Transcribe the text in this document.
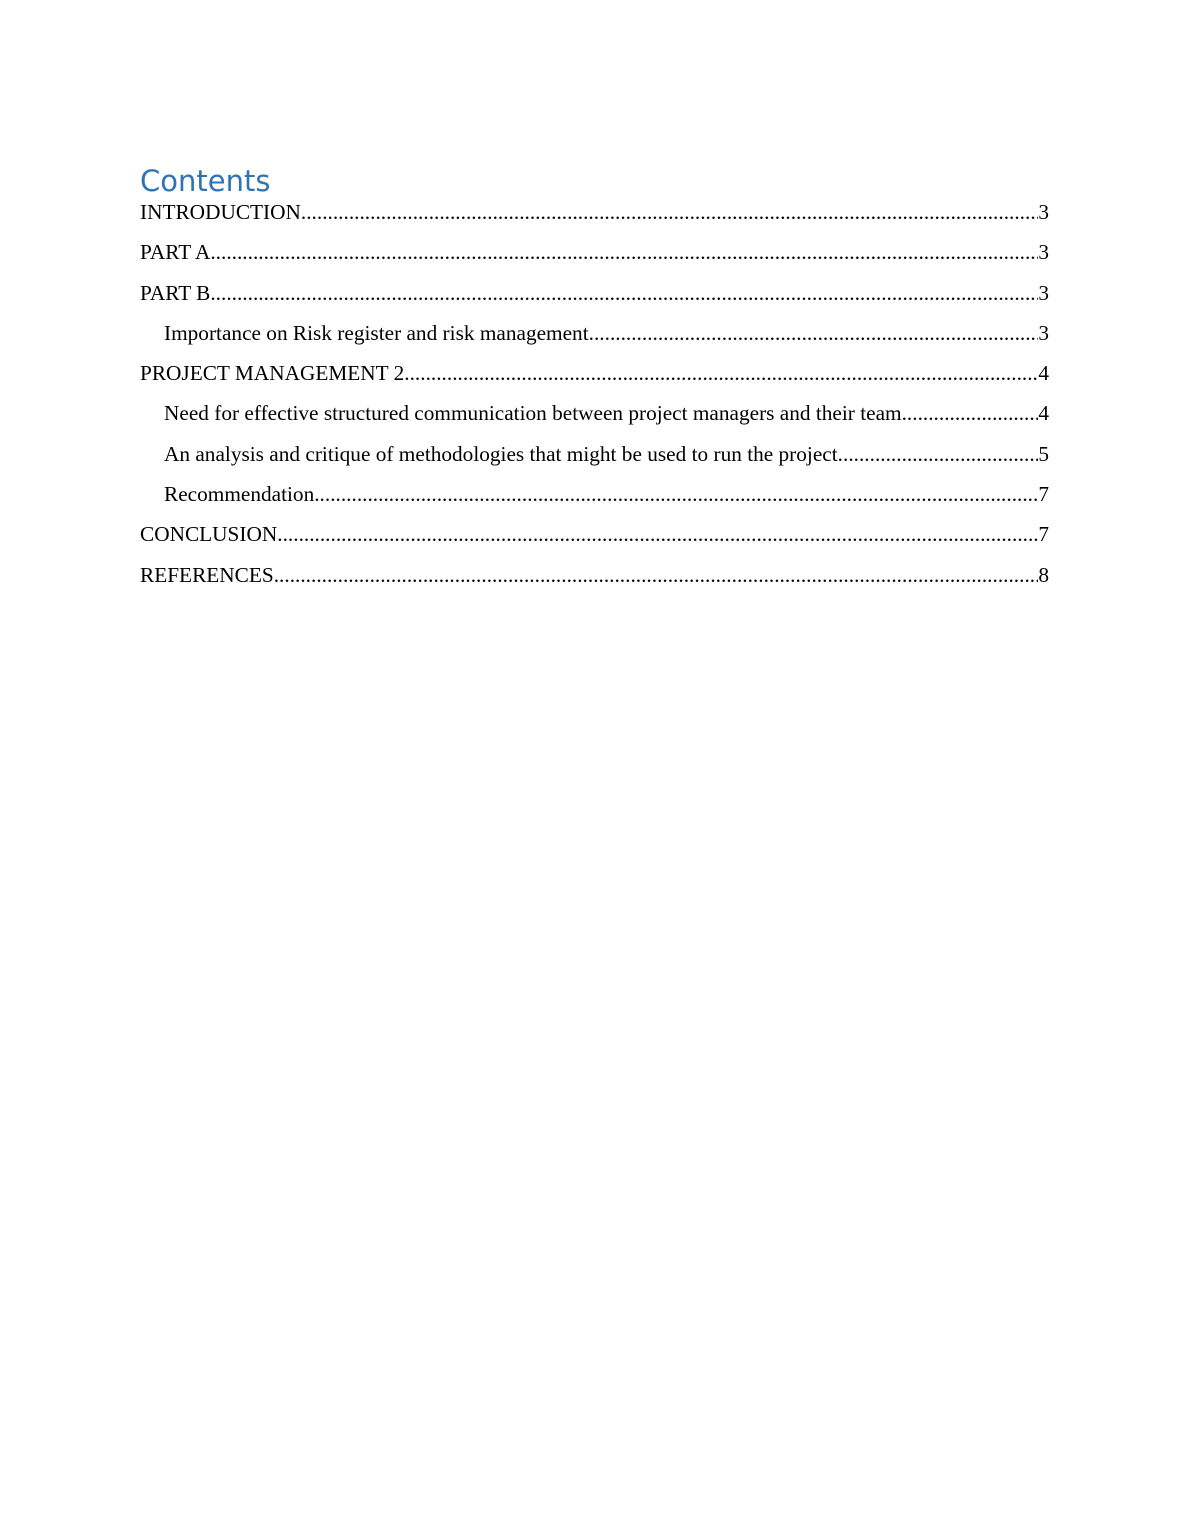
Contents
INTRODUCTION .....	3
PART A .....	3
PART B .....	3
Importance on Risk register and risk management .....	3
PROJECT MANAGEMENT 2 .....	4
Need for effective structured communication between project managers and their team .....	4
An analysis and critique of methodologies that might be used to run the project .....	5
Recommendation .....	7
CONCLUSION .....	7
REFERENCES .....	8
